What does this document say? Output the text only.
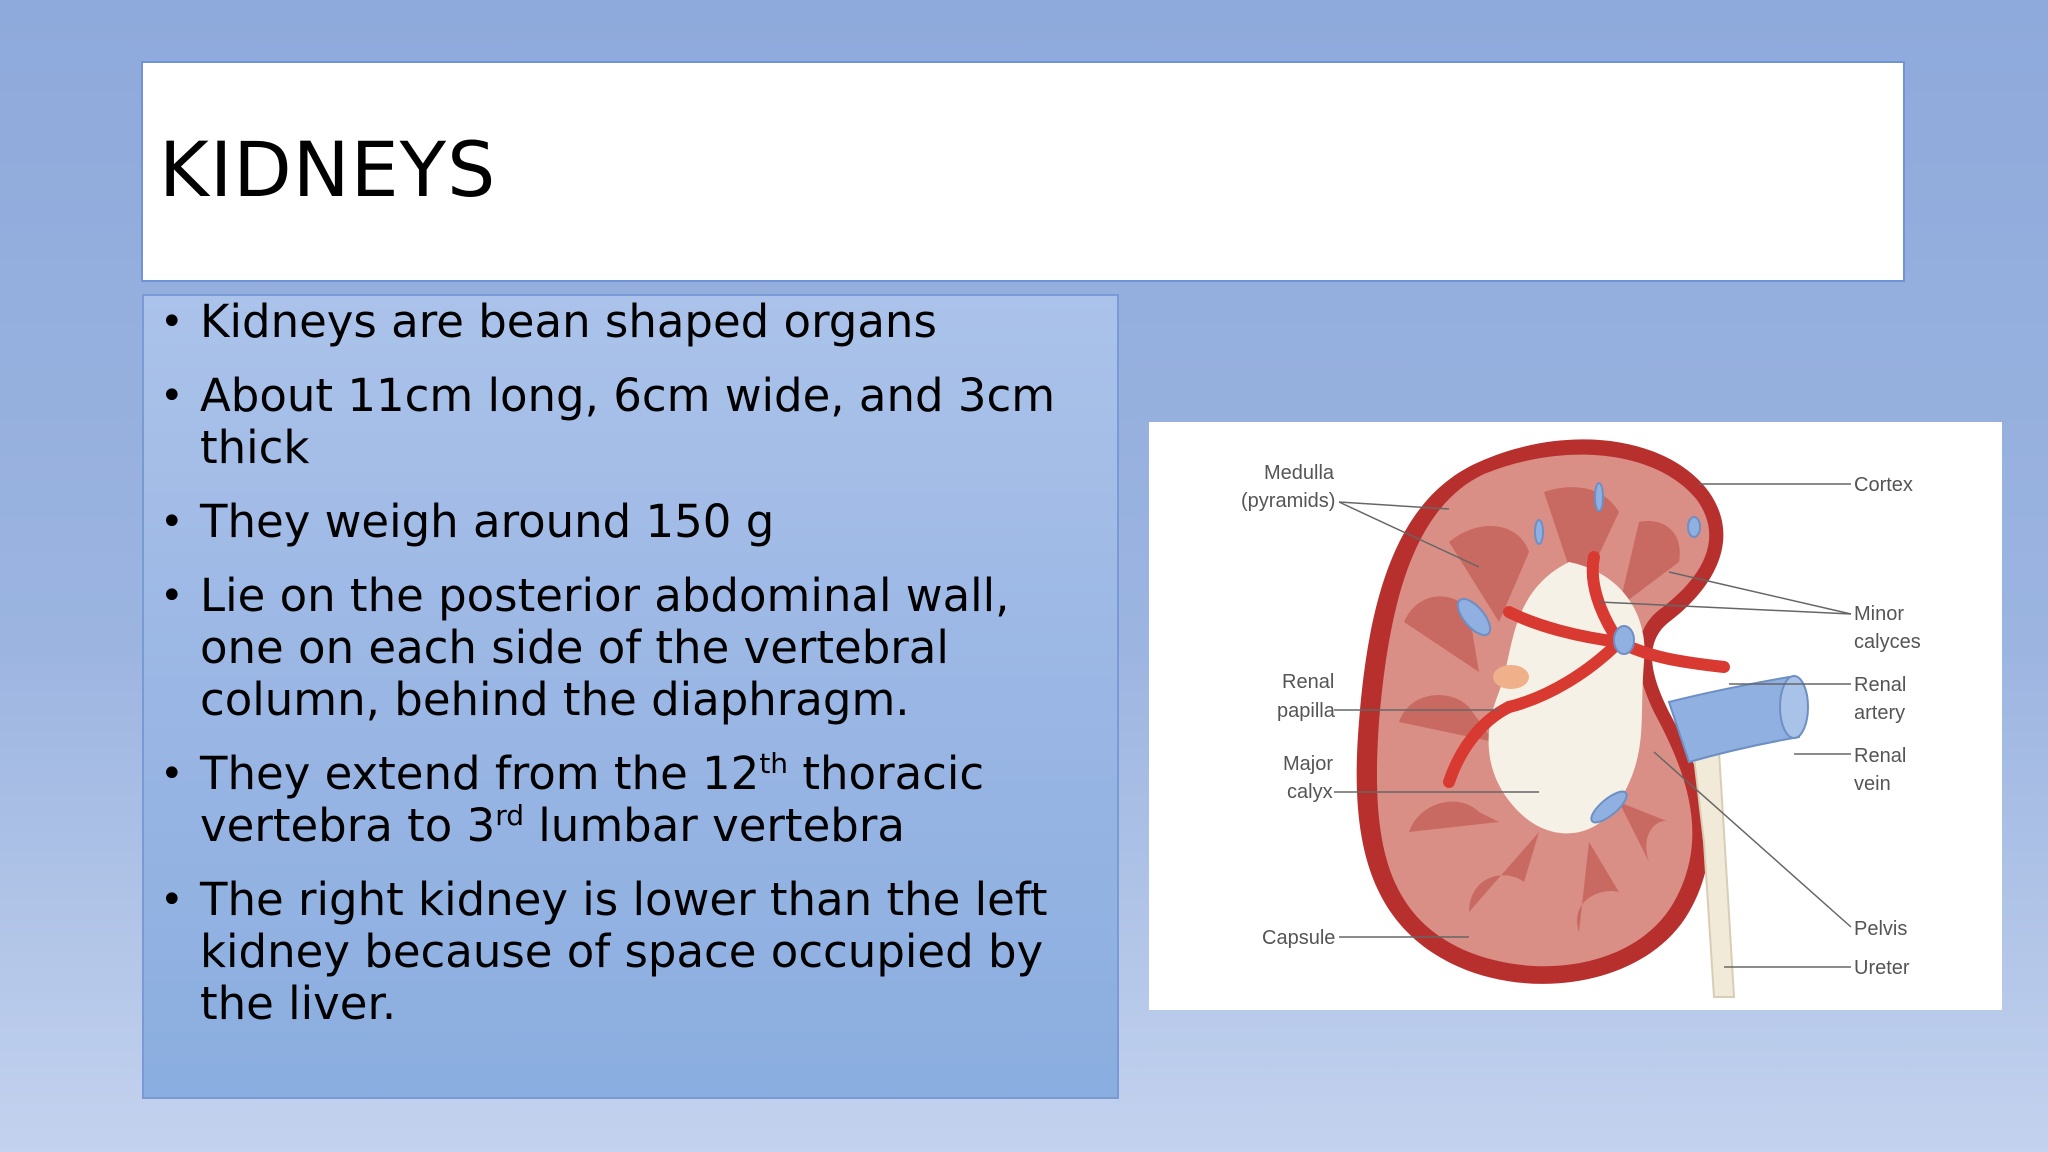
KIDNEYS
• Kidneys are bean shaped organs
• About 11cm long, 6cm wide, and 3cm thick
• They weigh around 150 g
• Lie on the posterior abdominal wall, one on each side of the vertebral column, behind the diaphragm.
• They extend from the 12th thoracic vertebra to 3rd lumbar vertebra
• The right kidney is lower than the left kidney because of space occupied by the liver.
Medulla
(pyramids)
Cortex
Minor
calyces
Renal
artery
Renal
vein
Renal
papilla
Major
calyx
Capsule	Pelvis
Ureter
